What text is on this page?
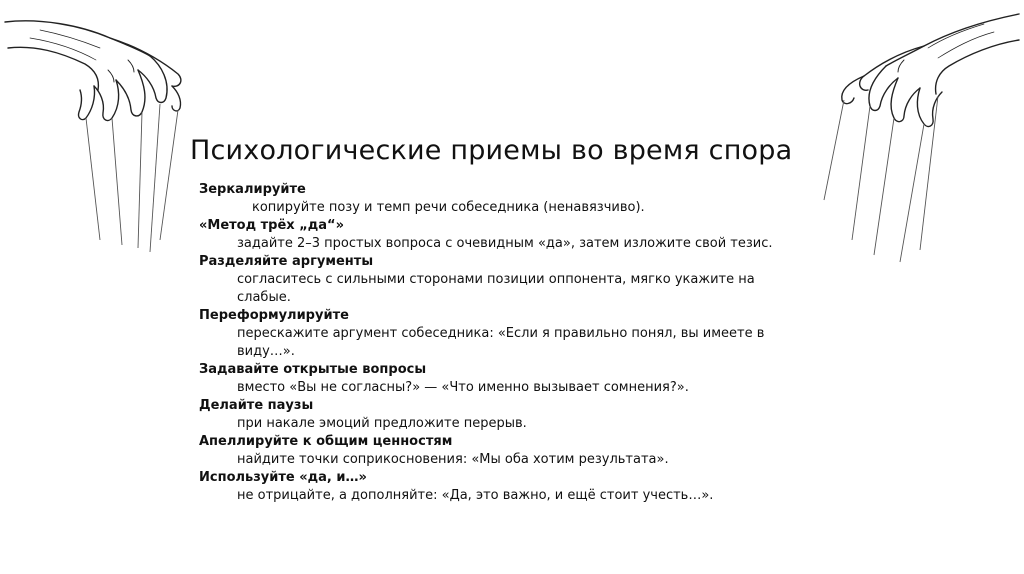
Психологические приемы во время спора
Зеркалируйте
копируйте позу и темп речи собеседника (ненавязчиво).
«Метод трёх „да“»
задайте 2–3 простых вопроса с очевидным «да», затем изложите свой тезис.
Разделяйте аргументы
согласитесь с сильными сторонами позиции оппонента, мягко укажите на слабые.
Переформулируйте
перескажите аргумент собеседника: «Если я правильно понял, вы имеете в виду…».
Задавайте открытые вопросы
вместо «Вы не согласны?» — «Что именно вызывает сомнения?».
Делайте паузы
при накале эмоций предложите перерыв.
Апеллируйте к общим ценностям
найдите точки соприкосновения: «Мы оба хотим результата».
Используйте «да, и…»
не отрицайте, а дополняйте: «Да, это важно, и ещё стоит учесть…».
